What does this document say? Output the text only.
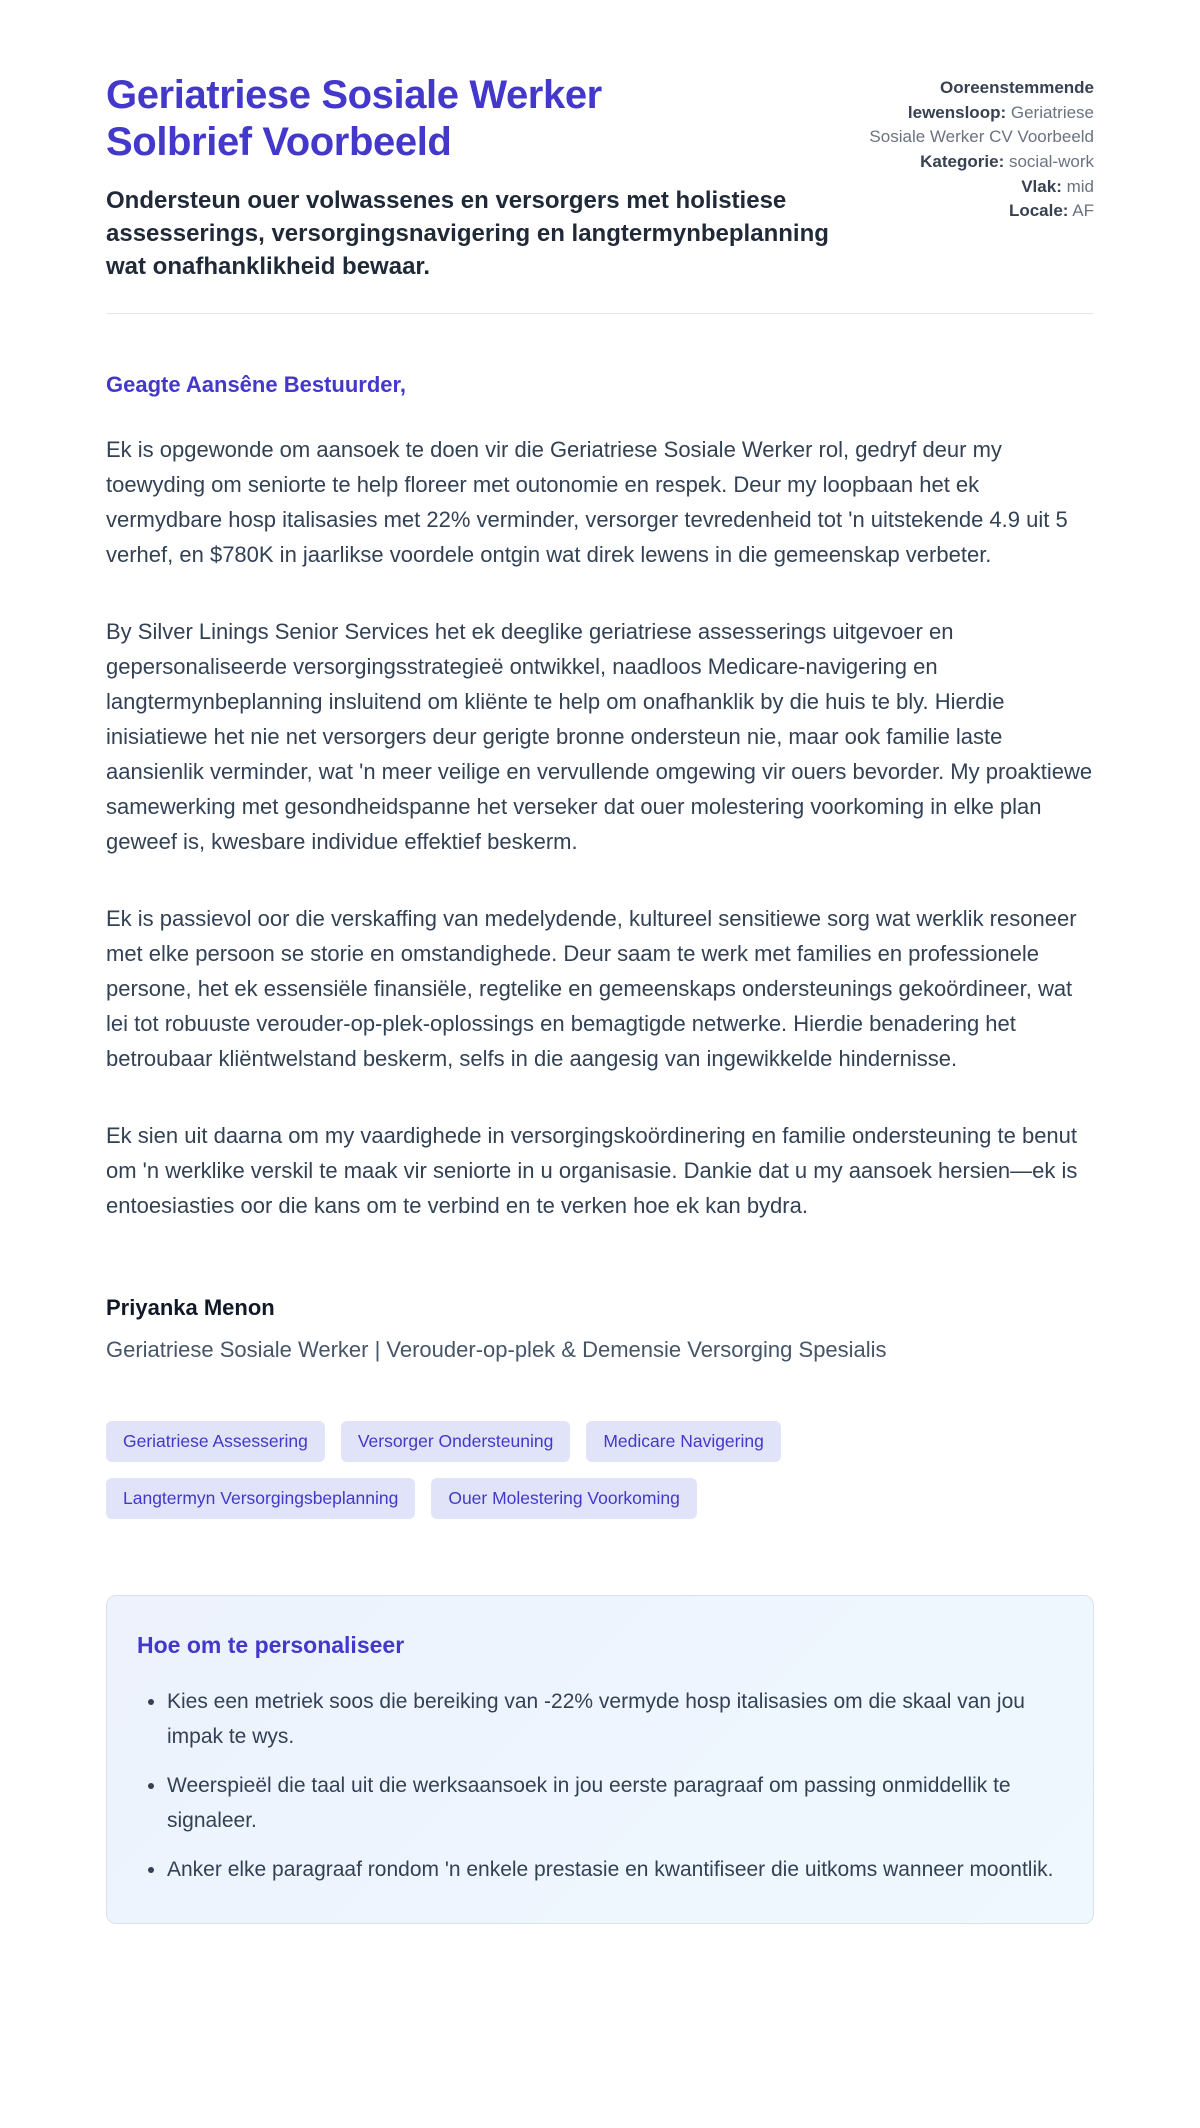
Geriatriese Sosiale Werker Solbrief Voorbeeld
Ondersteun ouer volwassenes en versorgers met holistiese assesserings, versorgingsnavigering en langtermynbeplanning wat onafhanklikheid bewaar.
Ooreenstemmende lewensloop: Geriatriese Sosiale Werker CV Voorbeeld
Kategorie: social-work
Vlak: mid
Locale: AF

Geagte Aansêne Bestuurder,

Ek is opgewonde om aansoek te doen vir die Geriatriese Sosiale Werker rol, gedryf deur my toewyding om seniorte te help floreer met outonomie en respek. Deur my loopbaan het ek vermydbare hosp italisasies met 22% verminder, versorger tevredenheid tot 'n uitstekende 4.9 uit 5 verhef, en $780K in jaarlikse voordele ontgin wat direk lewens in die gemeenskap verbeter.

By Silver Linings Senior Services het ek deeglike geriatriese assesserings uitgevoer en gepersonaliseerde versorgingsstrategieë ontwikkel, naadloos Medicare-navigering en langtermynbeplanning insluitend om kliënte te help om onafhanklik by die huis te bly. Hierdie inisiatiewe het nie net versorgers deur gerigte bronne ondersteun nie, maar ook familie laste aansienlik verminder, wat 'n meer veilige en vervullende omgewing vir ouers bevorder. My proaktiewe samewerking met gesondheidspanne het verseker dat ouer molestering voorkoming in elke plan geweef is, kwesbare individue effektief beskerm.

Ek is passievol oor die verskaffing van medelydende, kultureel sensitiewe sorg wat werklik resoneer met elke persoon se storie en omstandighede. Deur saam te werk met families en professionele persone, het ek essensiële finansiële, regtelike en gemeenskaps ondersteunings gekoördineer, wat lei tot robuuste verouder-op-plek-oplossings en bemagtigde netwerke. Hierdie benadering het betroubaar kliëntwelstand beskerm, selfs in die aangesig van ingewikkelde hindernisse.

Ek sien uit daarna om my vaardighede in versorgingskoördinering en familie ondersteuning te benut om 'n werklike verskil te maak vir seniorte in u organisasie. Dankie dat u my aansoek hersien—ek is entoesiasties oor die kans om te verbind en te verken hoe ek kan bydra.

Priyanka Menon
Geriatriese Sosiale Werker | Verouder-op-plek & Demensie Versorging Spesialis
Geriatriese Assessering	Versorger Ondersteuning	Medicare Navigering
Langtermyn Versorgingsbeplanning	Ouer Molestering Voorkoming
Hoe om te personaliseer
• Kies een metriek soos die bereiking van -22% vermyde hosp italisasies om die skaal van jou impak te wys.
• Weerspieël die taal uit die werksaansoek in jou eerste paragraaf om passing onmiddellik te signaleer.
• Anker elke paragraaf rondom 'n enkele prestasie en kwantifiseer die uitkoms wanneer moontlik.
